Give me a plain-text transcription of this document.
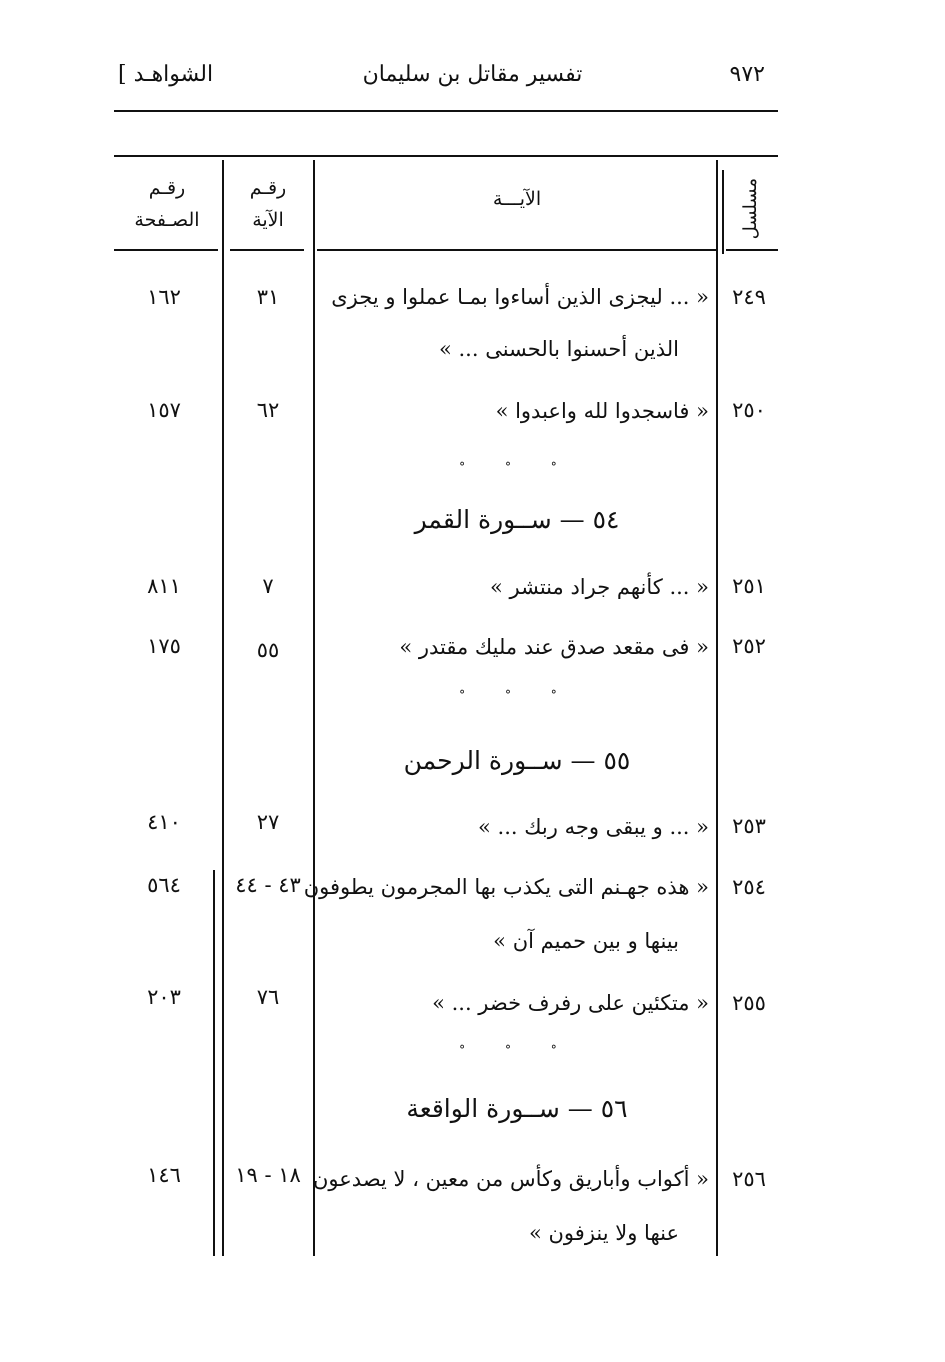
٩٧٢
تفسير مقاتل بن سليمان
[ الشواهـد
مسلسل
الآيـــة
رقـم
الآية
رقـم
الصـفحة
٢٤٩
« ... ليجزى الذين أساءوا بمـا عملوا و يجزى
الذين أحسنوا بالحسنى ... »
٣١
١٦٢
٢٥٠
« فاسجدوا لله واعبدوا »
٦٢
١٥٧
° ° °
٥٤ — ســورة القمر
٢٥١
« ... كأنهم جراد منتشر »
٧
٨١١
٢٥٢
« فى مقعد صدق عند مليك مقتدر »
٥٥
١٧٥
° ° °
٥٥ — ســورة الرحمن
٢٥٣
« ... و يبقى وجه ربك ... »
٢٧
٤١٠
٢٥٤
« هذه جهـنم التى يكذب بها المجرمون يطوفون
بينها و بين حميم آن »
٤٣ - ٤٤
٥٦٤
٢٥٥
« متكئين على رفرف خضر ... »
٧٦
٢٠٣
° ° °
٥٦ — ســورة الواقعة
٢٥٦
« أكواب وأباريق وكأس من معين ، لا يصدعون
عنها ولا ينزفون »
١٨ - ١٩
١٤٦
